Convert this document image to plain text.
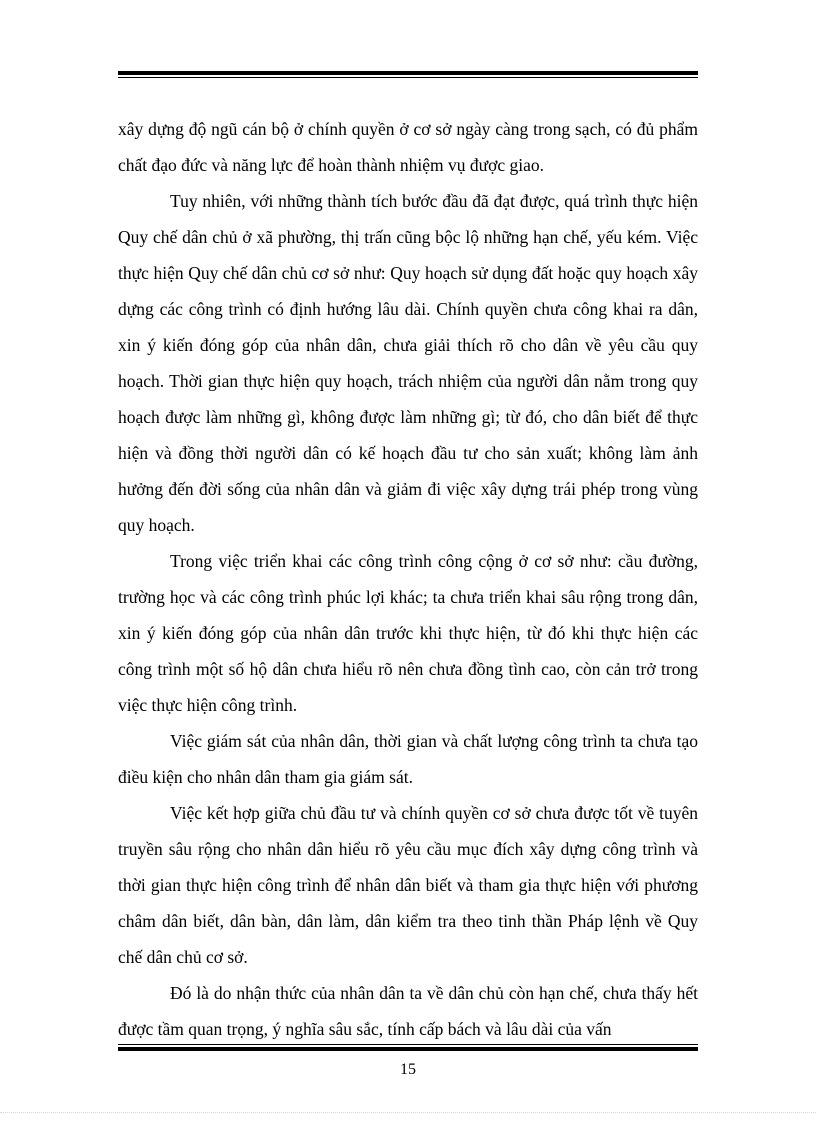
xây dựng độ ngũ cán bộ ở chính quyền ở cơ sở ngày càng trong sạch, có đủ phẩm chất đạo đức và năng lực để hoàn thành nhiệm vụ được giao.

Tuy nhiên, với những thành tích bước đầu đã đạt được, quá trình thực hiện Quy chế dân chủ ở xã phường, thị trấn cũng bộc lộ những hạn chế, yếu kém. Việc thực hiện Quy chế dân chủ cơ sở như: Quy hoạch sử dụng đất hoặc quy hoạch xây dựng các công trình có định hướng lâu dài. Chính quyền chưa công khai ra dân, xin ý kiến đóng góp của nhân dân, chưa giải thích rõ cho dân về yêu cầu quy hoạch. Thời gian thực hiện quy hoạch, trách nhiệm của người dân nằm trong quy hoạch được làm những gì, không được làm những gì; từ đó, cho dân biết để thực hiện và đồng thời người dân có kế hoạch đầu tư cho sản xuất; không làm ảnh hưởng đến đời sống của nhân dân và giảm đi việc xây dựng trái phép trong vùng quy hoạch.

Trong việc triển khai các công trình công cộng ở cơ sở như: cầu đường, trường học và các công trình phúc lợi khác; ta chưa triển khai sâu rộng trong dân, xin ý kiến đóng góp của nhân dân trước khi thực hiện, từ đó khi thực hiện các công trình một số hộ dân chưa hiểu rõ nên chưa đồng tình cao, còn cản trở trong việc thực hiện công trình.

Việc giám sát của nhân dân, thời gian và chất lượng công trình ta chưa tạo điều kiện cho nhân dân tham gia giám sát.

Việc kết hợp giữa chủ đầu tư và chính quyền cơ sở chưa được tốt về tuyên truyền sâu rộng cho nhân dân hiểu rõ yêu cầu mục đích xây dựng công trình và thời gian thực hiện công trình để nhân dân biết và tham gia thực hiện với phương châm dân biết, dân bàn, dân làm, dân kiểm tra theo tinh thần Pháp lệnh về Quy chế dân chủ cơ sở.

Đó là do nhận thức của nhân dân ta về dân chủ còn hạn chế, chưa thấy hết được tầm quan trọng, ý nghĩa sâu sắc, tính cấp bách và lâu dài của vấn

15
